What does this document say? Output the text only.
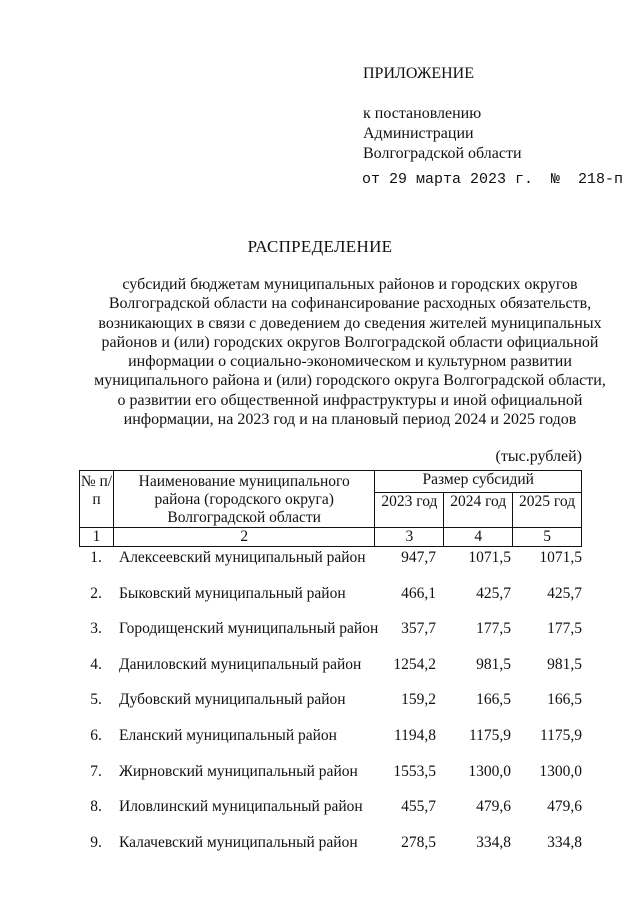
ПРИЛОЖЕНИЕ
к постановлению
Администрации
Волгоградской области
от 29 марта 2023 г.  №  218-п
РАСПРЕДЕЛЕНИЕ
субсидий бюджетам муниципальных районов и городских округов
Волгоградской области на софинансирование расходных обязательств,
возникающих в связи с доведением до сведения жителей муниципальных
районов и (или) городских округов Волгоградской области официальной
информации о социально-экономическом и культурном развитии
муниципального района и (или) городского округа Волгоградской области,
о развитии его общественной инфраструктуры и иной официальной
информации, на 2023 год и на плановый период 2024 и 2025 годов
(тыс.рублей)
№ п/п	Наименование муниципального района (городского округа) Волгоградской области	Размер субсидий		
		2023 год	2024 год	2025 год
1	2	3	4	5
1.	Алексеевский муниципальный район 947,7 1071,5 1071,5
2.	Быковский муниципальный район	466,1	425,7 425,7
3.	Городищенский муниципальный район 357,7	177,5 177,5
4.	Даниловский муниципальный район 1254,2	981,5 981,5
5.	Дубовский муниципальный район	159,2	166,5 166,5
6.	Еланский муниципальный район	1194,8 1175,9 1175,9
7.	Жирновский муниципальный район 1553,5 1300,0 1300,0
8.	Иловлинский муниципальный район 455,7	479,6 479,6
9.	Калачевский муниципальный район	278,5	334,8 334,8
